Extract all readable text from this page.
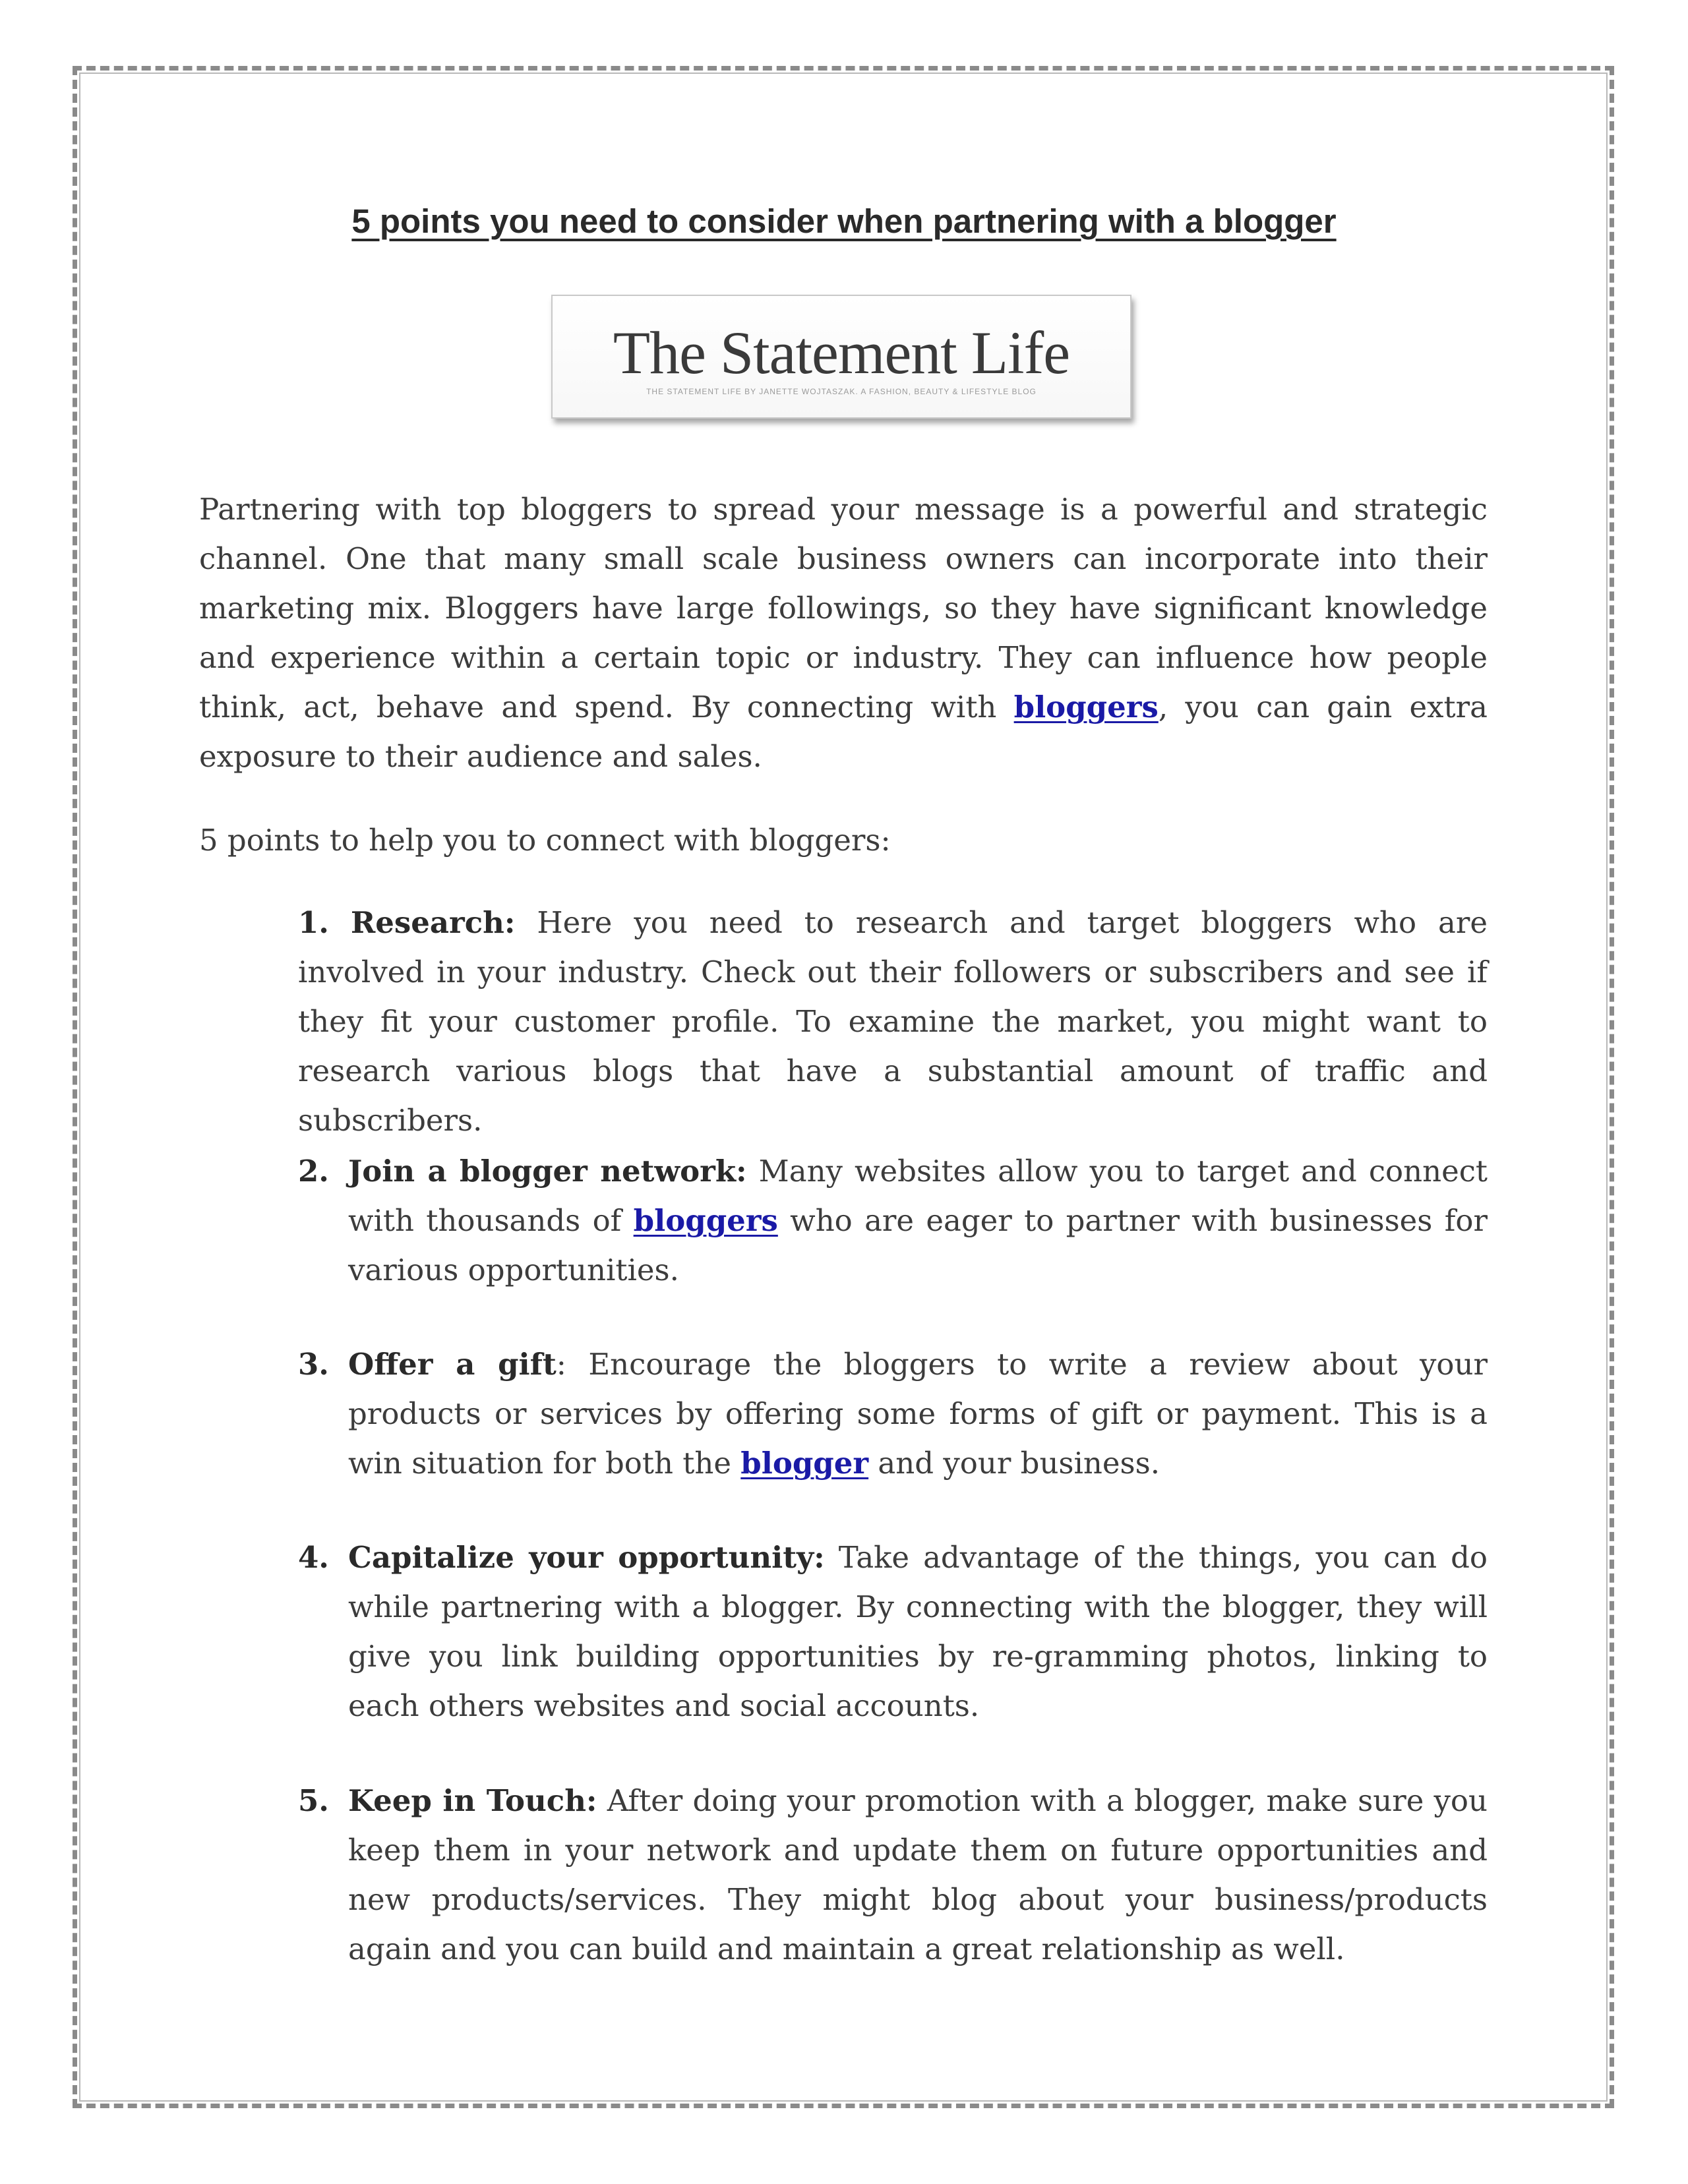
5 points you need to consider when partnering with a blogger
The Statement Life
THE STATEMENT LIFE BY JANETTE WOJTASZAK. A FASHION, BEAUTY & LIFESTYLE BLOG

Partnering with top bloggers to spread your message is a powerful and strategic channel. One that many small scale business owners can incorporate into their marketing mix. Bloggers have large followings, so they have significant knowledge and experience within a certain topic or industry. They can influence how people think, act, behave and spend. By connecting with bloggers, you can gain extra exposure to their audience and sales.

5 points to help you to connect with bloggers:

1. Research: Here you need to research and target bloggers who are involved in your industry. Check out their followers or subscribers and see if they fit your customer profile. To examine the market, you might want to research various blogs that have a substantial amount of traffic and subscribers.

2. Join a blogger network: Many websites allow you to target and connect with thousands of bloggers who are eager to partner with businesses for various opportunities.

3. Offer a gift: Encourage the bloggers to write a review about your products or services by offering some forms of gift or payment. This is a win situation for both the blogger and your business.

4. Capitalize your opportunity: Take advantage of the things, you can do while partnering with a blogger. By connecting with the blogger, they will give you link building opportunities by re-gramming photos, linking to each others websites and social accounts.

5. Keep in Touch: After doing your promotion with a blogger, make sure you keep them in your network and update them on future opportunities and new products/services. They might blog about your business/products again and you can build and maintain a great relationship as well.
